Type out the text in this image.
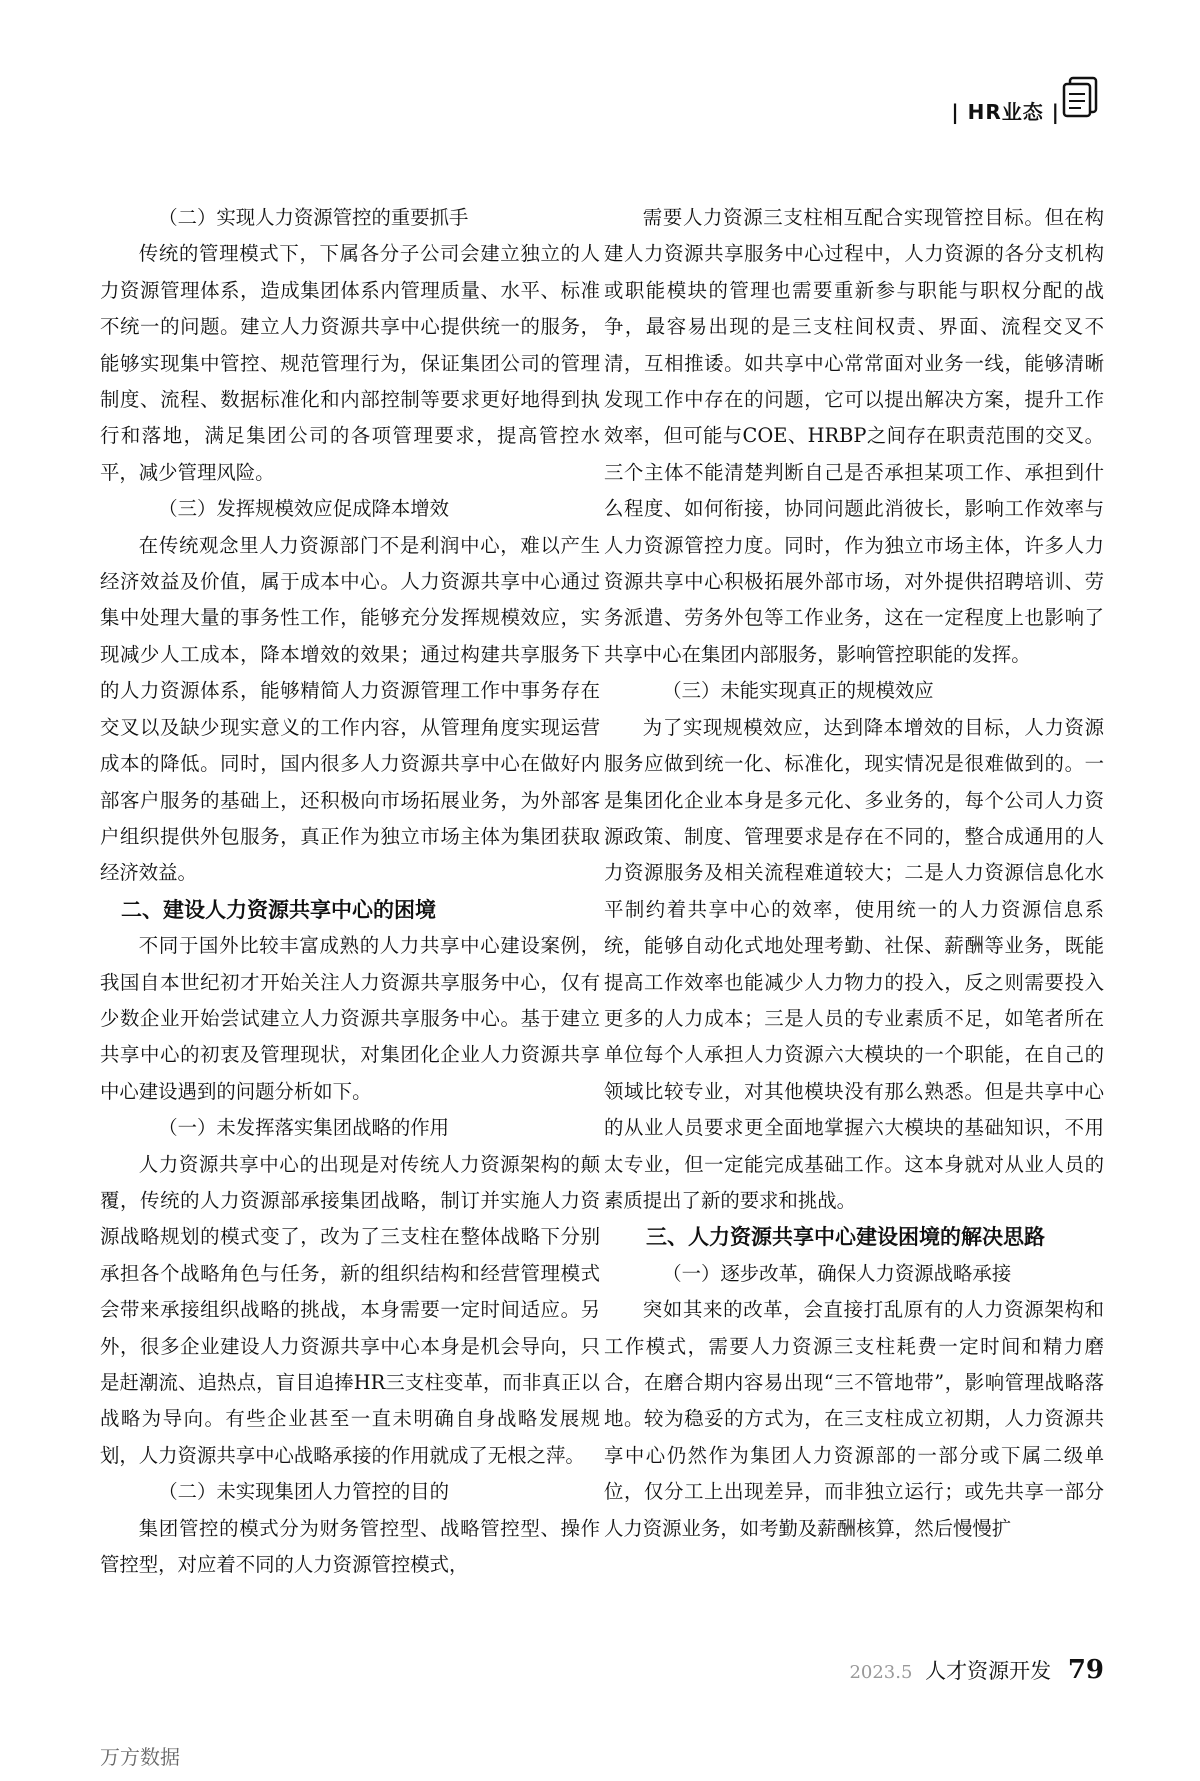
| HR业态 |

（二）实现人力资源管控的重要抓手

传统的管理模式下，下属各分子公司会建立独立的人力资源管理体系，造成集团体系内管理质量、水平、标准不统一的问题。建立人力资源共享中心提供统一的服务，能够实现集中管控、规范管理行为，保证集团公司的管理制度、流程、数据标准化和内部控制等要求更好地得到执行和落地，满足集团公司的各项管理要求，提高管控水平，减少管理风险。

（三）发挥规模效应促成降本增效

在传统观念里人力资源部门不是利润中心，难以产生经济效益及价值，属于成本中心。人力资源共享中心通过集中处理大量的事务性工作，能够充分发挥规模效应，实现减少人工成本，降本增效的效果；通过构建共享服务下的人力资源体系，能够精简人力资源管理工作中事务存在交叉以及缺少现实意义的工作内容，从管理角度实现运营成本的降低。同时，国内很多人力资源共享中心在做好内部客户服务的基础上，还积极向市场拓展业务，为外部客户组织提供外包服务，真正作为独立市场主体为集团获取经济效益。

二、建设人力资源共享中心的困境

不同于国外比较丰富成熟的人力共享中心建设案例，我国自本世纪初才开始关注人力资源共享服务中心，仅有少数企业开始尝试建立人力资源共享服务中心。基于建立共享中心的初衷及管理现状，对集团化企业人力资源共享中心建设遇到的问题分析如下。

（一）未发挥落实集团战略的作用

人力资源共享中心的出现是对传统人力资源架构的颠覆，传统的人力资源部承接集团战略，制订并实施人力资源战略规划的模式变了，改为了三支柱在整体战略下分别承担各个战略角色与任务，新的组织结构和经营管理模式会带来承接组织战略的挑战，本身需要一定时间适应。另外，很多企业建设人力资源共享中心本身是机会导向，只是赶潮流、追热点，盲目追捧HR三支柱变革，而非真正以战略为导向。有些企业甚至一直未明确自身战略发展规划，人力资源共享中心战略承接的作用就成了无根之萍。

（二）未实现集团人力管控的目的

集团管控的模式分为财务管控型、战略管控型、操作管控型，对应着不同的人力资源管控模式，

需要人力资源三支柱相互配合实现管控目标。但在构建人力资源共享服务中心过程中，人力资源的各分支机构或职能模块的管理也需要重新参与职能与职权分配的战争，最容易出现的是三支柱间权责、界面、流程交叉不清，互相推诿。如共享中心常常面对业务一线，能够清晰发现工作中存在的问题，它可以提出解决方案，提升工作效率，但可能与COE、HRBP之间存在职责范围的交叉。三个主体不能清楚判断自己是否承担某项工作、承担到什么程度、如何衔接，协同问题此消彼长，影响工作效率与人力资源管控力度。同时，作为独立市场主体，许多人力资源共享中心积极拓展外部市场，对外提供招聘培训、劳务派遣、劳务外包等工作业务，这在一定程度上也影响了共享中心在集团内部服务，影响管控职能的发挥。

（三）未能实现真正的规模效应

为了实现规模效应，达到降本增效的目标，人力资源服务应做到统一化、标准化，现实情况是很难做到的。一是集团化企业本身是多元化、多业务的，每个公司人力资源政策、制度、管理要求是存在不同的，整合成通用的人力资源服务及相关流程难道较大；二是人力资源信息化水平制约着共享中心的效率，使用统一的人力资源信息系统，能够自动化式地处理考勤、社保、薪酬等业务，既能提高工作效率也能减少人力物力的投入，反之则需要投入更多的人力成本；三是人员的专业素质不足，如笔者所在单位每个人承担人力资源六大模块的一个职能，在自己的领域比较专业，对其他模块没有那么熟悉。但是共享中心的从业人员要求更全面地掌握六大模块的基础知识，不用太专业，但一定能完成基础工作。这本身就对从业人员的素质提出了新的要求和挑战。

三、人力资源共享中心建设困境的解决思路

（一）逐步改革，确保人力资源战略承接

突如其来的改革，会直接打乱原有的人力资源架构和工作模式，需要人力资源三支柱耗费一定时间和精力磨合，在磨合期内容易出现“三不管地带”，影响管理战略落地。较为稳妥的方式为，在三支柱成立初期，人力资源共享中心仍然作为集团人力资源部的一部分或下属二级单位，仅分工上出现差异，而非独立运行；或先共享一部分人力资源业务，如考勤及薪酬核算，然后慢慢扩

2023.5 人才资源开发 79
万方数据
